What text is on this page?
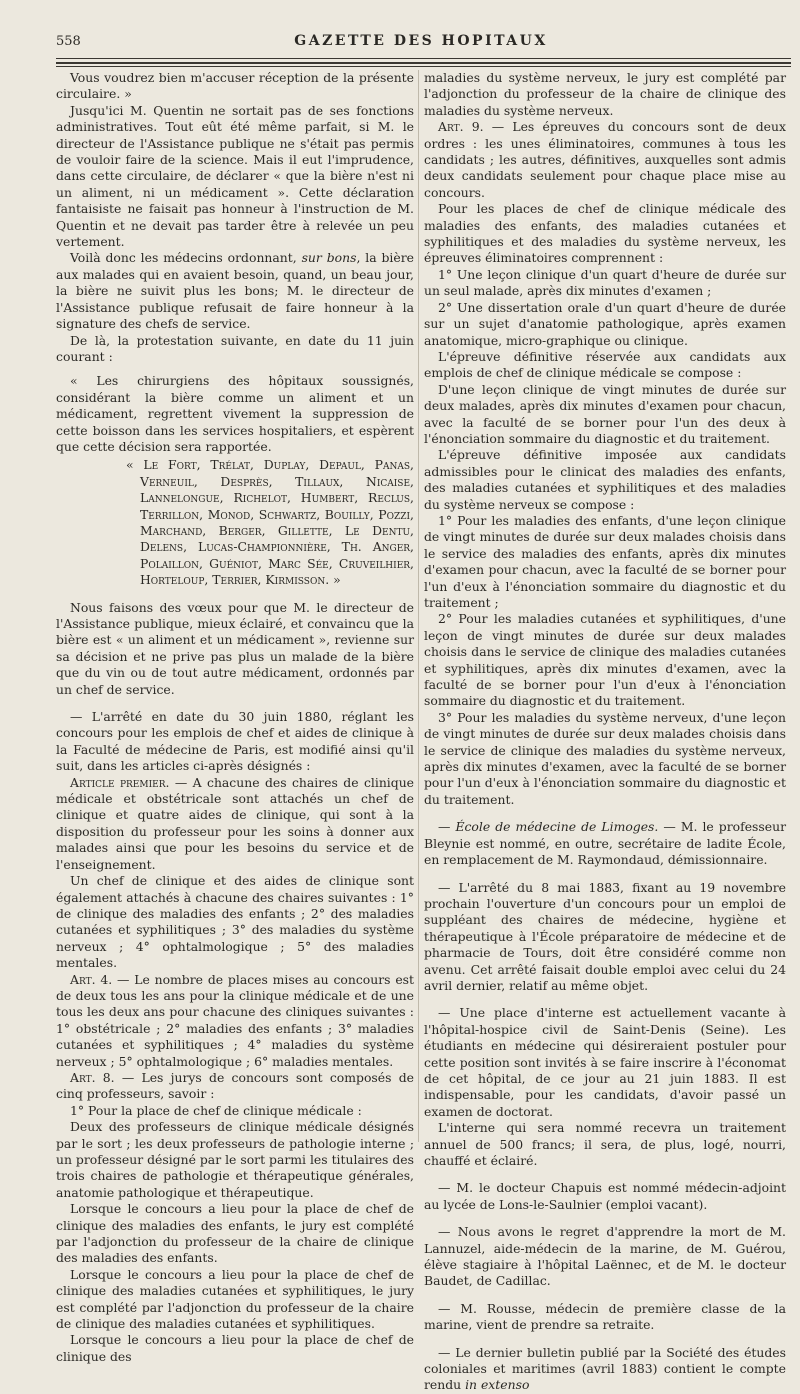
558	GAZETTE DES HOPITAUX

Vous voudrez bien m'accuser réception de la présente circulaire. »

Jusqu'ici M. Quentin ne sortait pas de ses fonctions administratives. Tout eût été même parfait, si M. le directeur de l'Assistance publique ne s'était pas permis de vouloir faire de la science. Mais il eut l'imprudence, dans cette circulaire, de déclarer « que la bière n'est ni un aliment, ni un médicament ». Cette déclaration fantaisiste ne faisait pas honneur à l'instruction de M. Quentin et ne devait pas tarder être à relevée un peu vertement.

Voilà donc les médecins ordonnant, sur bons, la bière aux malades qui en avaient besoin, quand, un beau jour, la bière ne suivit plus les bons; M. le directeur de l'Assistance publique refusait de faire honneur à la signature des chefs de service.

De là, la protestation suivante, en date du 11 juin courant :

« Les chirurgiens des hôpitaux soussignés, considérant la bière comme un aliment et un médicament, regrettent vivement la suppression de cette boisson dans les services hospitaliers, et espèrent que cette décision sera rapportée.

« Le Fort, Trélat, Duplay, Depaul, Panas, Verneuil, Desprès, Tillaux, Nicaise, Lannelongue, Richelot, Humbert, Reclus, Terrillon, Monod, Schwartz, Bouilly, Pozzi, Marchand, Berger, Gillette, Le Dentu, Delens, Lucas-Championnière, Th. Anger, Polaillon, Guéniot, Marc Sée, Cruveilhier, Horteloup, Terrier, Kirmisson. »

Nous faisons des vœux pour que M. le directeur de l'Assistance publique, mieux éclairé, et convaincu que la bière est « un aliment et un médicament », revienne sur sa décision et ne prive pas plus un malade de la bière que du vin ou de tout autre médicament, ordonnés par un chef de service.

— L'arrêté en date du 30 juin 1880, réglant les concours pour les emplois de chef et aides de clinique à la Faculté de médecine de Paris, est modifié ainsi qu'il suit, dans les articles ci-après désignés :

Article premier. — A chacune des chaires de clinique médicale et obstétricale sont attachés un chef de clinique et quatre aides de clinique, qui sont à la disposition du professeur pour les soins à donner aux malades ainsi que pour les besoins du service et de l'enseignement.

Un chef de clinique et des aides de clinique sont également attachés à chacune des chaires suivantes : 1° de clinique des maladies des enfants ; 2° des maladies cutanées et syphilitiques ; 3° des maladies du système nerveux ; 4° ophtalmologique ; 5° des maladies mentales.

Art. 4. — Le nombre de places mises au concours est de deux tous les ans pour la clinique médicale et de une tous les deux ans pour chacune des cliniques suivantes : 1° obstétricale ; 2° maladies des enfants ; 3° maladies cutanées et syphilitiques ; 4° maladies du système nerveux ; 5° ophtalmologique ; 6° maladies mentales.

Art. 8. — Les jurys de concours sont composés de cinq professeurs, savoir :

1° Pour la place de chef de clinique médicale :

Deux des professeurs de clinique médicale désignés par le sort ; les deux professeurs de pathologie interne ; un professeur désigné par le sort parmi les titulaires des trois chaires de pathologie et thérapeutique générales, anatomie pathologique et thérapeutique.

Lorsque le concours a lieu pour la place de chef de clinique des maladies des enfants, le jury est complété par l'adjonction du professeur de la chaire de clinique des maladies des enfants.

Lorsque le concours a lieu pour la place de chef de clinique des maladies cutanées et syphilitiques, le jury est complété par l'adjonction du professeur de la chaire de clinique des maladies cutanées et syphilitiques.

Lorsque le concours a lieu pour la place de chef de clinique des

maladies du système nerveux, le jury est complété par l'adjonction du professeur de la chaire de clinique des maladies du système nerveux.

Art. 9. — Les épreuves du concours sont de deux ordres : les unes éliminatoires, communes à tous les candidats ; les autres, définitives, auxquelles sont admis deux candidats seulement pour chaque place mise au concours.

Pour les places de chef de clinique médicale des maladies des enfants, des maladies cutanées et syphilitiques et des maladies du système nerveux, les épreuves éliminatoires comprennent :

1° Une leçon clinique d'un quart d'heure de durée sur un seul malade, après dix minutes d'examen ;

2° Une dissertation orale d'un quart d'heure de durée sur un sujet d'anatomie pathologique, après examen anatomique, micro-graphique ou clinique.

L'épreuve définitive réservée aux candidats aux emplois de chef de clinique médicale se compose :

D'une leçon clinique de vingt minutes de durée sur deux malades, après dix minutes d'examen pour chacun, avec la faculté de se borner pour l'un des deux à l'énonciation sommaire du diagnostic et du traitement.

L'épreuve définitive imposée aux candidats admissibles pour le clinicat des maladies des enfants, des maladies cutanées et syphilitiques et des maladies du système nerveux se compose :

1° Pour les maladies des enfants, d'une leçon clinique de vingt minutes de durée sur deux malades choisis dans le service des maladies des enfants, après dix minutes d'examen pour chacun, avec la faculté de se borner pour l'un d'eux à l'énonciation sommaire du diagnostic et du traitement ;

2° Pour les maladies cutanées et syphilitiques, d'une leçon de vingt minutes de durée sur deux malades choisis dans le service de clinique des maladies cutanées et syphilitiques, après dix minutes d'examen, avec la faculté de se borner pour l'un d'eux à l'énonciation sommaire du diagnostic et du traitement.

3° Pour les maladies du système nerveux, d'une leçon de vingt minutes de durée sur deux malades choisis dans le service de clinique des maladies du système nerveux, après dix minutes d'examen, avec la faculté de se borner pour l'un d'eux à l'énonciation sommaire du diagnostic et du traitement.

— École de médecine de Limoges. — M. le professeur Bleynie est nommé, en outre, secrétaire de ladite École, en remplacement de M. Raymondaud, démissionnaire.

— L'arrêté du 8 mai 1883, fixant au 19 novembre prochain l'ouverture d'un concours pour un emploi de suppléant des chaires de médecine, hygiène et thérapeutique à l'École préparatoire de médecine et de pharmacie de Tours, doit être considéré comme non avenu. Cet arrêté faisait double emploi avec celui du 24 avril dernier, relatif au même objet.

— Une place d'interne est actuellement vacante à l'hôpital-hospice civil de Saint-Denis (Seine). Les étudiants en médecine qui désireraient postuler pour cette position sont invités à se faire inscrire à l'économat de cet hôpital, de ce jour au 21 juin 1883. Il est indispensable, pour les candidats, d'avoir passé un examen de doctorat.

L'interne qui sera nommé recevra un traitement annuel de 500 francs; il sera, de plus, logé, nourri, chauffé et éclairé.

— M. le docteur Chapuis est nommé médecin-adjoint au lycée de Lons-le-Saulnier (emploi vacant).

— Nous avons le regret d'apprendre la mort de M. Lannuzel, aide-médecin de la marine, de M. Guérou, élève stagiaire à l'hôpital Laënnec, et de M. le docteur Baudet, de Cadillac.

— M. Rousse, médecin de première classe de la marine, vient de prendre sa retraite.

— Le dernier bulletin publié par la Société des études coloniales et maritimes (avril 1883) contient le compte rendu in extenso
